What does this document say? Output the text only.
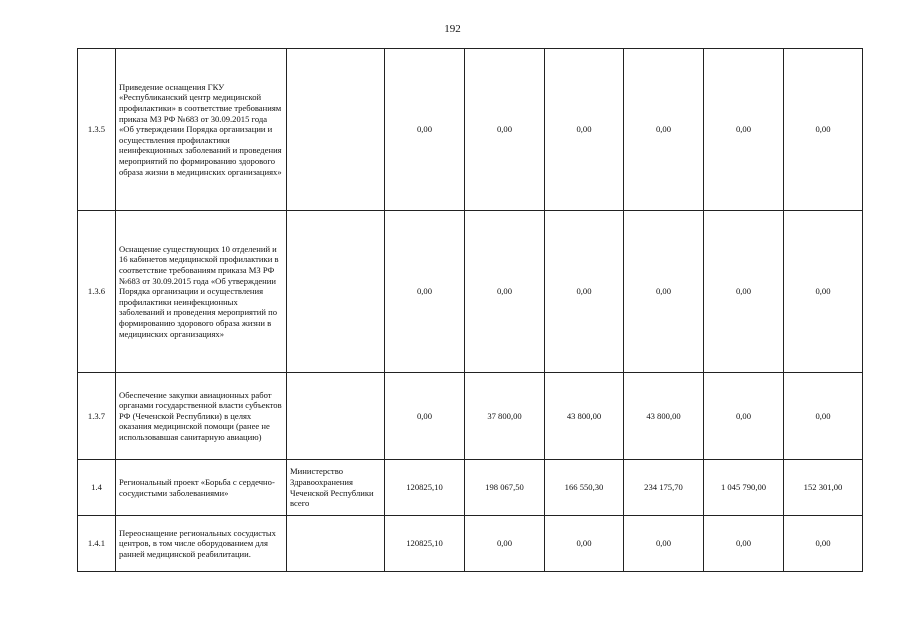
192
1.3.5	Приведение оснащения ГКУ «Республиканский центр медицинской профилактики» в соответствие требованиям приказа МЗ РФ №683 от 30.09.2015 года «Об утверждении Порядка организации и осуществления профилактики неинфекционных заболеваний и проведения мероприятий по формированию здорового образа жизни в медицинских организациях»		0,00	0,00	0,00	0,00	0,00	0,00
1.3.6	Оснащение существующих 10 отделений и 16 кабинетов медицинской профилактики в соответствие требованиям приказа МЗ РФ №683 от 30.09.2015 года «Об утверждении Порядка организации и осуществления профилактики неинфекционных заболеваний и проведения мероприятий по формированию здорового образа жизни в медицинских организациях»		0,00	0,00	0,00	0,00	0,00	0,00
1.3.7	Обеспечение закупки авиационных работ органами государственной власти субъектов РФ (Чеченской Республики) в целях оказания медицинской помощи (ранее не использовавшая санитарную авиацию)		0,00	37 800,00	43 800,00	43 800,00	0,00	0,00
1.4	Региональный проект «Борьба с сердечно-сосудистыми заболеваниями»	Министерство Здравоохранения Чеченской Республики всего	120825,10	198 067,50	166 550,30	234 175,70	1 045 790,00	152 301,00
1.4.1	Переоснащение региональных сосудистых центров, в том числе оборудованием для ранней медицинской реабилитации.		120825,10	0,00	0,00	0,00	0,00	0,00
